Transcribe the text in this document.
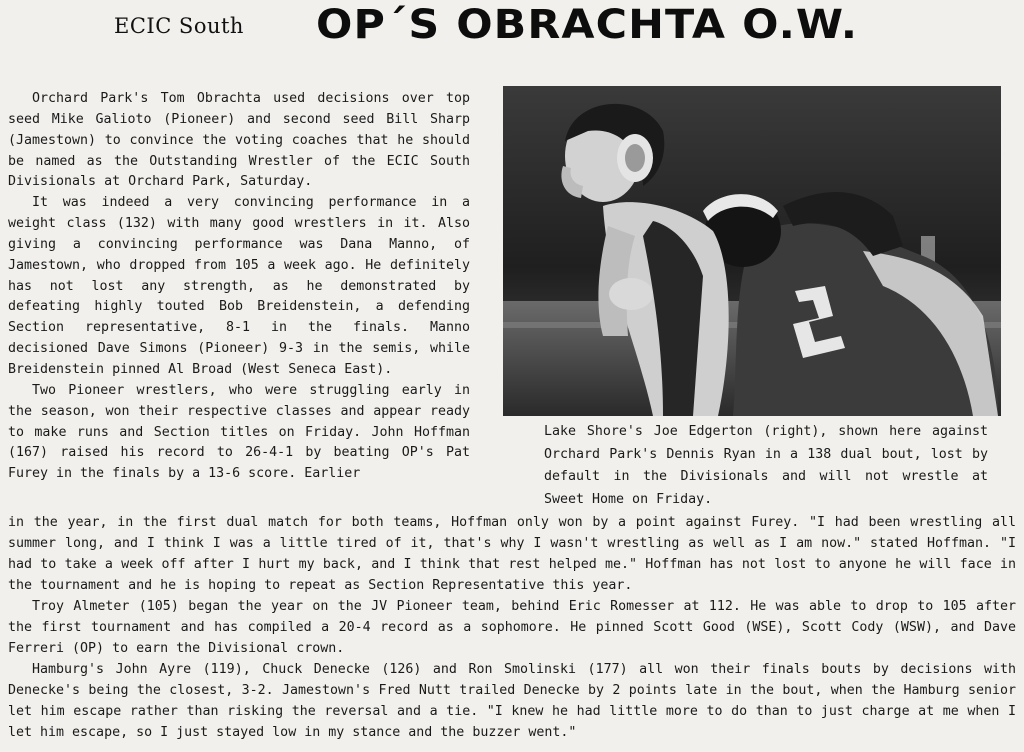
ECIC South OP´S OBRACHTA O.W.

Orchard Park's Tom Obrachta used decisions over top seed Mike Galioto (Pioneer) and second seed Bill Sharp (Jamestown) to convince the voting coaches that he should be named as the Outstanding Wrestler of the ECIC South Divisionals at Orchard Park, Saturday.

It was indeed a very convincing performance in a weight class (132) with many good wrestlers in it. Also giving a convincing performance was Dana Manno, of Jamestown, who dropped from 105 a week ago. He definitely has not lost any strength, as he demonstrated by defeating highly touted Bob Breidenstein, a defending Section representative, 8-1 in the finals. Manno decisioned Dave Simons (Pioneer) 9-3 in the semis, while Breidenstein pinned Al Broad (West Seneca East).

Two Pioneer wrestlers, who were struggling early in the season, won their respective classes and appear ready to make runs and Section titles on Friday. John Hoffman (167) raised his record to 26-4-1 by beating OP's Pat Furey in the finals by a 13-6 score. Earlier

Lake Shore's Joe Edgerton (right), shown here against Orchard Park's Dennis Ryan in a 138 dual bout, lost by default in the Divisionals and will not wrestle at Sweet Home on Friday.

in the year, in the first dual match for both teams, Hoffman only won by a point against Furey. "I had been wrestling all summer long, and I think I was a little tired of it, that's why I wasn't wrestling as well as I am now." stated Hoffman. "I had to take a week off after I hurt my back, and I think that rest helped me." Hoffman has not lost to anyone he will face in the tournament and he is hoping to repeat as Section Representative this year.

Troy Almeter (105) began the year on the JV Pioneer team, behind Eric Romesser at 112. He was able to drop to 105 after the first tournament and has compiled a 20-4 record as a sophomore. He pinned Scott Good (WSE), Scott Cody (WSW), and Dave Ferreri (OP) to earn the Divisional crown.

Hamburg's John Ayre (119), Chuck Denecke (126) and Ron Smolinski (177) all won their finals bouts by decisions with Denecke's being the closest, 3-2. Jamestown's Fred Nutt trailed Denecke by 2 points late in the bout, when the Hamburg senior let him escape rather than risking the reversal and a tie. "I knew he had little more to do than to just charge at me when I let him escape, so I just stayed low in my stance and the buzzer went."
